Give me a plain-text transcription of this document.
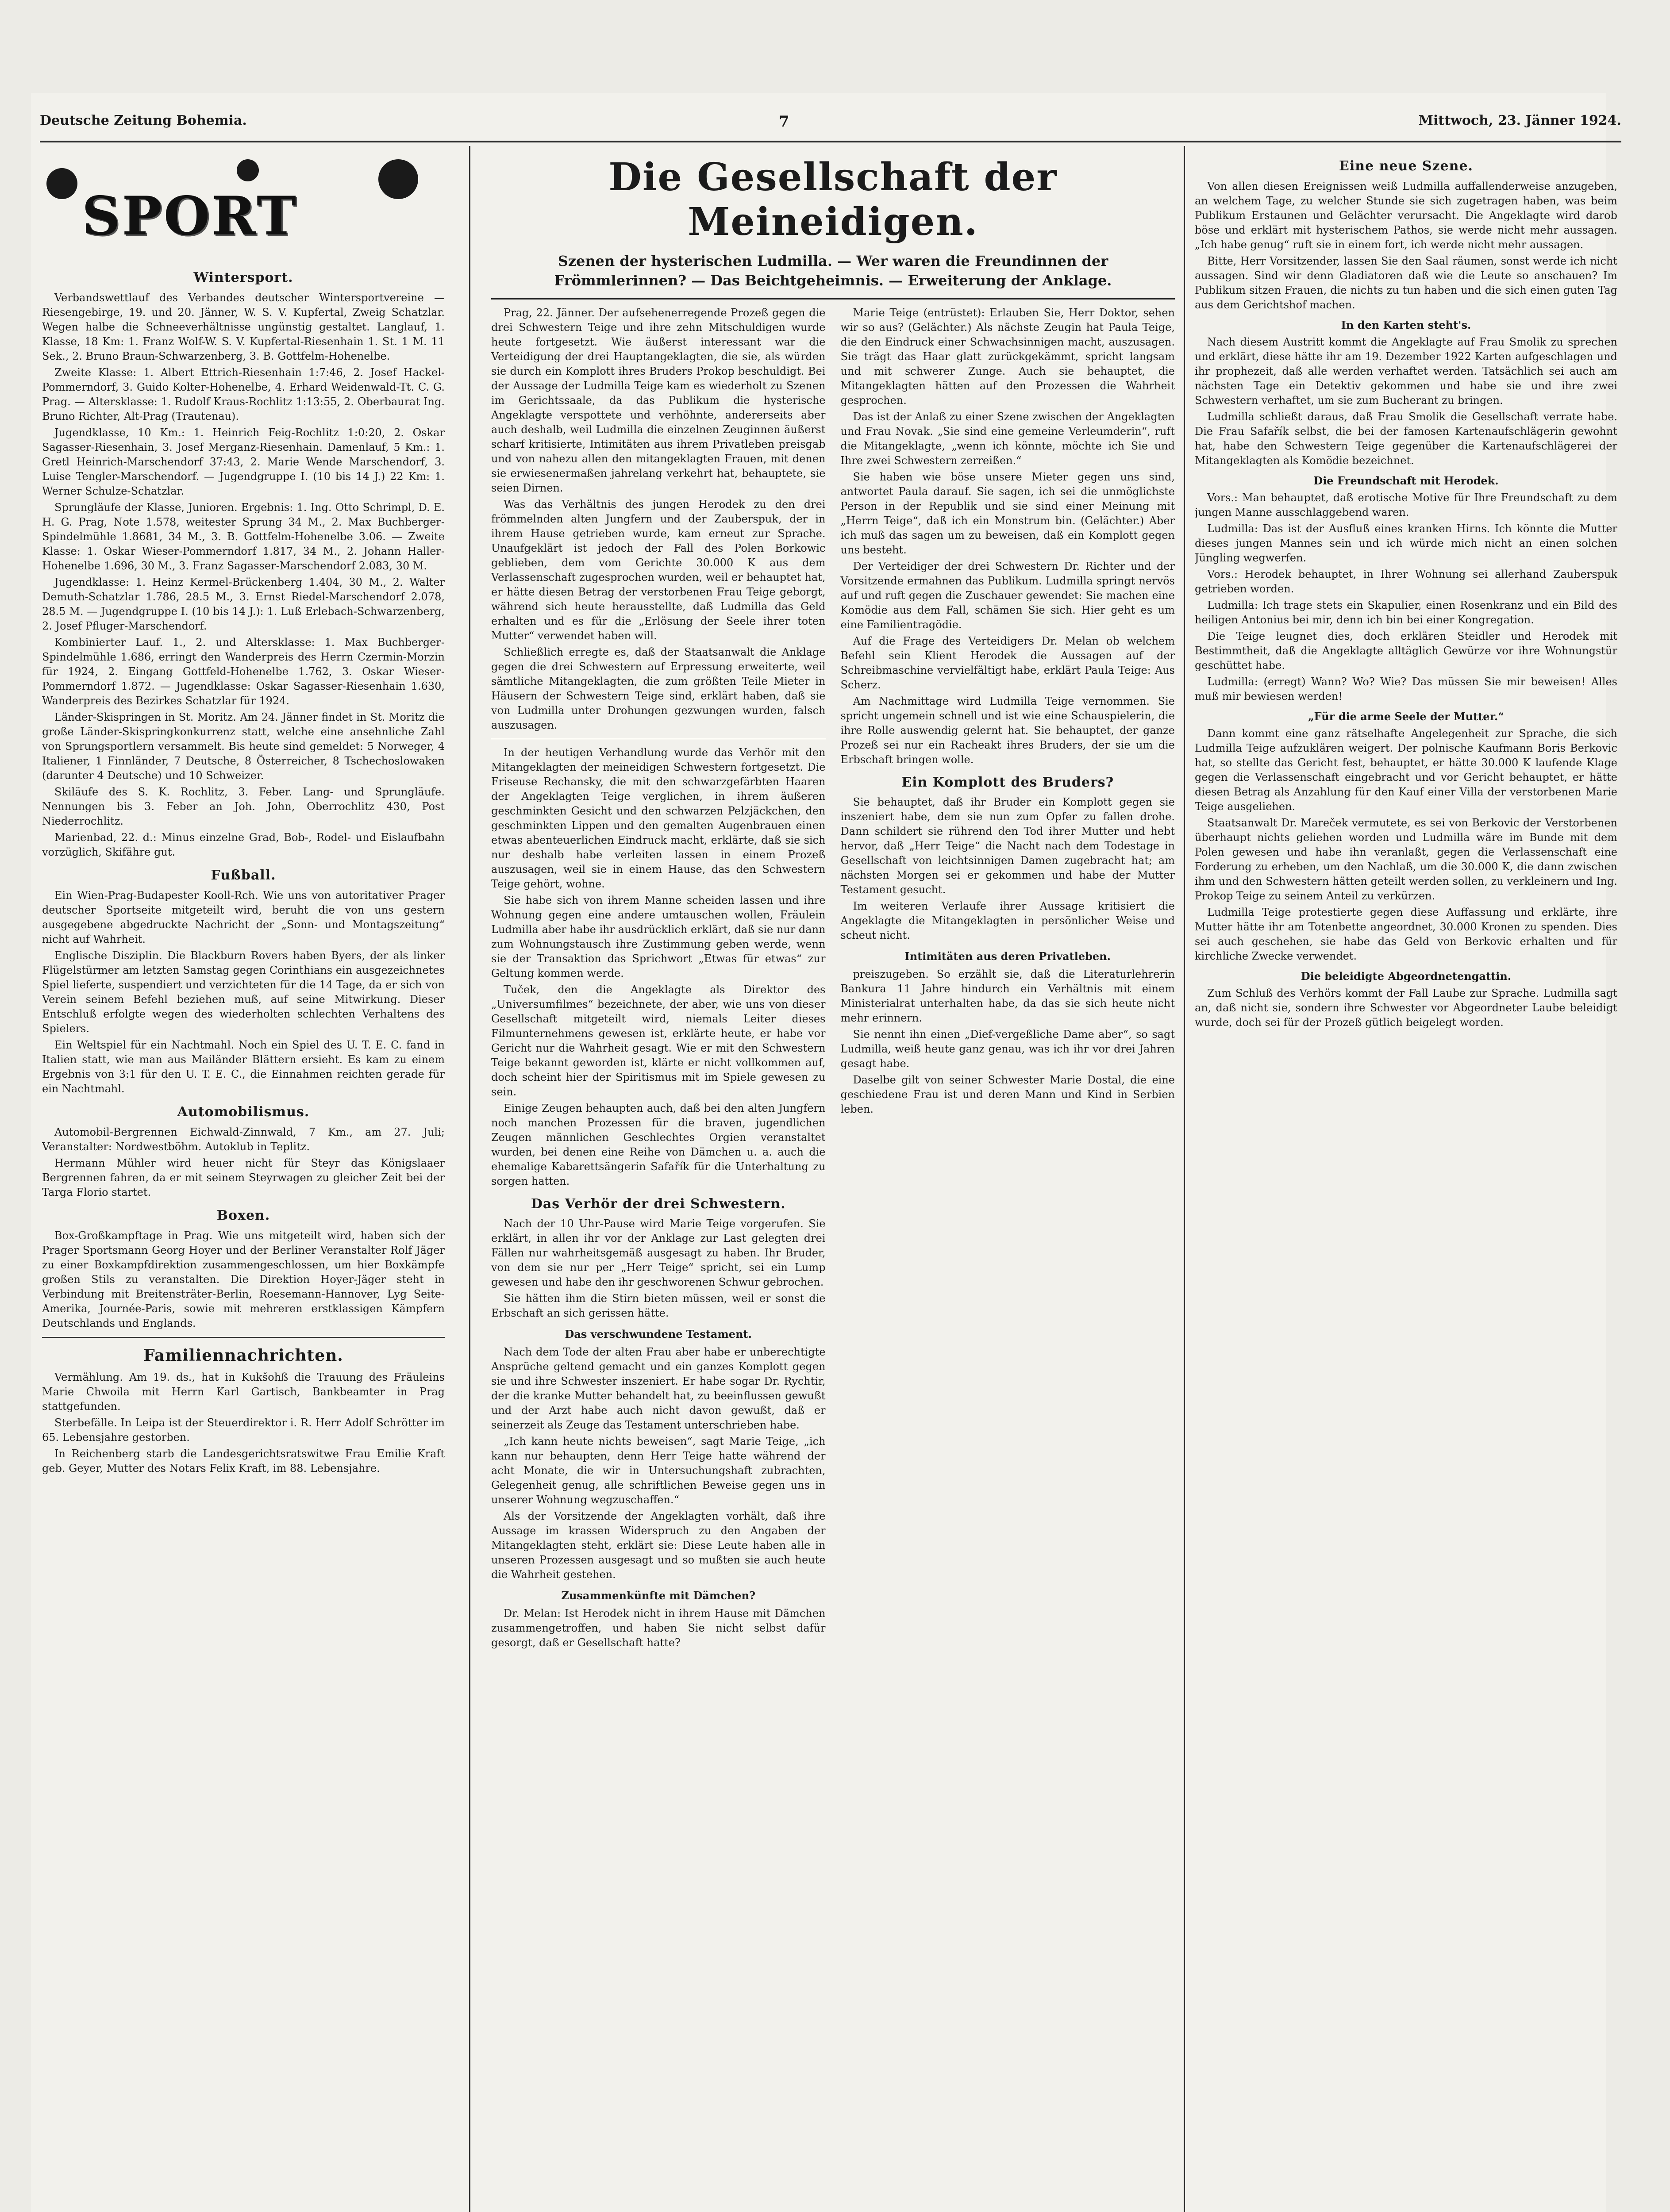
Deutsche Zeitung Bohemia.	7	Mittwoch, 23. Jänner 1924.
SPORT
Wintersport.

Verbandswettlauf des Verbandes deutscher Wintersportvereine — Riesengebirge, 19. und 20. Jänner, W. S. V. Kupfertal, Zweig Schatzlar. Wegen halbe die Schneeverhältnisse ungünstig gestaltet. Langlauf, 1. Klasse, 18 Km: 1. Franz Wolf-W. S. V. Kupfertal-Riesenhain 1. St. 1 M. 11 Sek., 2. Bruno Braun-Schwarzenberg, 3. B. Gottfelm-Hohenelbe.

Zweite Klasse: 1. Albert Ettrich-Riesenhain 1:7:46, 2. Josef Hackel-Pommerndorf, 3. Guido Kolter-Hohenelbe, 4. Erhard Weidenwald-Tt. C. G. Prag. — Altersklasse: 1. Rudolf Kraus-Rochlitz 1:13:55, 2. Oberbaurat Ing. Bruno Richter, Alt-Prag (Trautenau).

Jugendklasse, 10 Km.: 1. Heinrich Feig-Rochlitz 1:0:20, 2. Oskar Sagasser-Riesenhain, 3. Josef Merganz-Riesenhain. Damenlauf, 5 Km.: 1. Gretl Heinrich-Marschendorf 37:43, 2. Marie Wende Marschendorf, 3. Luise Tengler-Marschendorf. — Jugendgruppe I. (10 bis 14 J.) 22 Km: 1. Werner Schulze-Schatzlar.

Sprungläufe der Klasse, Junioren. Ergebnis: 1. Ing. Otto Schrimpl, D. E. H. G. Prag, Note 1.578, weitester Sprung 34 M., 2. Max Buchberger-Spindelmühle 1.8681, 34 M., 3. B. Gottfelm-Hohenelbe 3.06. — Zweite Klasse: 1. Oskar Wieser-Pommerndorf 1.817, 34 M., 2. Johann Haller-Hohenelbe 1.696, 30 M., 3. Franz Sagasser-Marschendorf 2.083, 30 M.

Jugendklasse: 1. Heinz Kermel-Brückenberg 1.404, 30 M., 2. Walter Demuth-Schatzlar 1.786, 28.5 M., 3. Ernst Riedel-Marschendorf 2.078, 28.5 M. — Jugendgruppe I. (10 bis 14 J.): 1. Luß Erlebach-Schwarzenberg, 2. Josef Pfluger-Marschendorf.

Kombinierter Lauf. 1., 2. und Altersklasse: 1. Max Buchberger-Spindelmühle 1.686, erringt den Wanderpreis des Herrn Czermin-Morzin für 1924, 2. Eingang Gottfeld-Hohenelbe 1.762, 3. Oskar Wieser-Pommerndorf 1.872. — Jugendklasse: Oskar Sagasser-Riesenhain 1.630, Wanderpreis des Bezirkes Schatzlar für 1924.

Länder-Skispringen in St. Moritz. Am 24. Jänner findet in St. Moritz die große Länder-Skispringkonkurrenz statt, welche eine ansehnliche Zahl von Sprungsportlern versammelt. Bis heute sind gemeldet: 5 Norweger, 4 Italiener, 1 Finnländer, 7 Deutsche, 8 Österreicher, 8 Tschechoslowaken (darunter 4 Deutsche) und 10 Schweizer.

Skiläufe des S. K. Rochlitz, 3. Feber. Lang- und Sprungläufe. Nennungen bis 3. Feber an Joh. John, Oberrochlitz 430, Post Niederrochlitz.

Marienbad, 22. d.: Minus einzelne Grad, Bob-, Rodel- und Eislaufbahn vorzüglich, Skifähre gut.

Fußball.

Ein Wien-Prag-Budapester Kooll-Rch. Wie uns von autoritativer Prager deutscher Sportseite mitgeteilt wird, beruht die von uns gestern ausgegebene abgedruckte Nachricht der „Sonn- und Montagszeitung“ nicht auf Wahrheit.

Englische Disziplin. Die Blackburn Rovers haben Byers, der als linker Flügelstürmer am letzten Samstag gegen Corinthians ein ausgezeichnetes Spiel lieferte, suspendiert und verzichteten für die 14 Tage, da er sich von Verein seinem Befehl beziehen muß, auf seine Mitwirkung. Dieser Entschluß erfolgte wegen des wiederholten schlechten Verhaltens des Spielers.

Ein Weltspiel für ein Nachtmahl. Noch ein Spiel des U. T. E. C. fand in Italien statt, wie man aus Mailänder Blättern ersieht. Es kam zu einem Ergebnis von 3:1 für den U. T. E. C., die Einnahmen reichten gerade für ein Nachtmahl.

Automobilismus.

Automobil-Bergrennen Eichwald-Zinnwald, 7 Km., am 27. Juli; Veranstalter: Nordwestböhm. Autoklub in Teplitz.

Hermann Mühler wird heuer nicht für Steyr das Königslaaer Bergrennen fahren, da er mit seinem Steyrwagen zu gleicher Zeit bei der Targa Florio startet.

Boxen.

Box-Großkampftage in Prag. Wie uns mitgeteilt wird, haben sich der Prager Sportsmann Georg Hoyer und der Berliner Veranstalter Rolf Jäger zu einer Boxkampfdirektion zusammengeschlossen, um hier Boxkämpfe großen Stils zu veranstalten. Die Direktion Hoyer-Jäger steht in Verbindung mit Breitensträter-Berlin, Roesemann-Hannover, Lyg Seite-Amerika, Journée-Paris, sowie mit mehreren erstklassigen Kämpfern Deutschlands und Englands.

Familiennachrichten.

Vermählung. Am 19. ds., hat in Kukšohß die Trauung des Fräuleins Marie Chwoila mit Herrn Karl Gartisch, Bankbeamter in Prag stattgefunden.

Sterbefälle. In Leipa ist der Steuerdirektor i. R. Herr Adolf Schrötter im 65. Lebensjahre gestorben.

In Reichenberg starb die Landesgerichtsratswitwe Frau Emilie Kraft geb. Geyer, Mutter des Notars Felix Kraft, im 88. Lebensjahre.

Die Gesellschaft der Meineidigen.
Szenen der hysterischen Ludmilla. — Wer waren die Freundinnen der Frömmlerinnen? — Das Beichtgeheimnis. — Erweiterung der Anklage.

Prag, 22. Jänner. Der aufsehenerregende Prozeß gegen die drei Schwestern Teige und ihre zehn Mitschuldigen wurde heute fortgesetzt. Wie äußerst interessant war die Verteidigung der drei Hauptangeklagten, die sie, als würden sie durch ein Komplott ihres Bruders Prokop beschuldigt. Bei der Aussage der Ludmilla Teige kam es wiederholt zu Szenen im Gerichtssaale, da das Publikum die hysterische Angeklagte verspottete und verhöhnte, andererseits aber auch deshalb, weil Ludmilla die einzelnen Zeuginnen äußerst scharf kritisierte, Intimitäten aus ihrem Privatleben preisgab und von nahezu allen den mitangeklagten Frauen, mit denen sie erwiesenermaßen jahrelang verkehrt hat, behauptete, sie seien Dirnen.

Was das Verhältnis des jungen Herodek zu den drei frömmelnden alten Jungfern und der Zauberspuk, der in ihrem Hause getrieben wurde, kam erneut zur Sprache. Unaufgeklärt ist jedoch der Fall des Polen Borkowic geblieben, dem vom Gerichte 30.000 K aus dem Verlassenschaft zugesprochen wurden, weil er behauptet hat, er hätte diesen Betrag der verstorbenen Frau Teige geborgt, während sich heute herausstellte, daß Ludmilla das Geld erhalten und es für die „Erlösung der Seele ihrer toten Mutter“ verwendet haben will.

Schließlich erregte es, daß der Staatsanwalt die Anklage gegen die drei Schwestern auf Erpressung erweiterte, weil sämtliche Mitangeklagten, die zum größten Teile Mieter in Häusern der Schwestern Teige sind, erklärt haben, daß sie von Ludmilla unter Drohungen gezwungen wurden, falsch auszusagen.

In der heutigen Verhandlung wurde das Verhör mit den Mitangeklagten der meineidigen Schwestern fortgesetzt. Die Friseuse Rechansky, die mit den schwarzgefärbten Haaren der Angeklagten Teige verglichen, in ihrem äußeren geschminkten Gesicht und den schwarzen Pelzjäckchen, den geschminkten Lippen und den gemalten Augenbrauen einen etwas abenteuerlichen Eindruck macht, erklärte, daß sie sich nur deshalb habe verleiten lassen in einem Prozeß auszusagen, weil sie in einem Hause, das den Schwestern Teige gehört, wohne.

Sie habe sich von ihrem Manne scheiden lassen und ihre Wohnung gegen eine andere umtauschen wollen, Fräulein Ludmilla aber habe ihr ausdrücklich erklärt, daß sie nur dann zum Wohnungstausch ihre Zustimmung geben werde, wenn sie der Transaktion das Sprichwort „Etwas für etwas“ zur Geltung kommen werde.

Tuček, den die Angeklagte als Direktor des „Universumfilmes“ bezeichnete, der aber, wie uns von dieser Gesellschaft mitgeteilt wird, niemals Leiter dieses Filmunternehmens gewesen ist, erklärte heute, er habe vor Gericht nur die Wahrheit gesagt. Wie er mit den Schwestern Teige bekannt geworden ist, klärte er nicht vollkommen auf, doch scheint hier der Spiritismus mit im Spiele gewesen zu sein.

Einige Zeugen behaupten auch, daß bei den alten Jungfern noch manchen Prozessen für die braven, jugendlichen Zeugen männlichen Geschlechtes Orgien veranstaltet wurden, bei denen eine Reihe von Dämchen u. a. auch die ehemalige Kabarettsängerin Safařík für die Unterhaltung zu sorgen hatten.

Das Verhör der drei Schwestern.

Nach der 10 Uhr-Pause wird Marie Teige vorgerufen. Sie erklärt, in allen ihr vor der Anklage zur Last gelegten drei Fällen nur wahrheitsgemäß ausgesagt zu haben. Ihr Bruder, von dem sie nur per „Herr Teige“ spricht, sei ein Lump gewesen und habe den ihr geschworenen Schwur gebrochen.

Sie hätten ihm die Stirn bieten müssen, weil er sonst die Erbschaft an sich gerissen hätte.

Das verschwundene Testament.

Nach dem Tode der alten Frau aber habe er unberechtigte Ansprüche geltend gemacht und ein ganzes Komplott gegen sie und ihre Schwester inszeniert. Er habe sogar Dr. Rychtir, der die kranke Mutter behandelt hat, zu beeinflussen gewußt und der Arzt habe auch nicht davon gewußt, daß er seinerzeit als Zeuge das Testament unterschrieben habe.

„Ich kann heute nichts beweisen“, sagt Marie Teige, „ich kann nur behaupten, denn Herr Teige hatte während der acht Monate, die wir in Untersuchungshaft zubrachten, Gelegenheit genug, alle schriftlichen Beweise gegen uns in unserer Wohnung wegzuschaffen.“

Als der Vorsitzende der Angeklagten vorhält, daß ihre Aussage im krassen Widerspruch zu den Angaben der Mitangeklagten steht, erklärt sie: Diese Leute haben alle in unseren Prozessen ausgesagt und so mußten sie auch heute die Wahrheit gestehen.

Zusammenkünfte mit Dämchen?

Dr. Melan: Ist Herodek nicht in ihrem Hause mit Dämchen zusammengetroffen, und haben Sie nicht selbst dafür gesorgt, daß er Gesellschaft hatte?

Marie Teige (entrüstet): Erlauben Sie, Herr Doktor, sehen wir so aus? (Gelächter.) Als nächste Zeugin hat Paula Teige, die den Eindruck einer Schwachsinnigen macht, auszusagen. Sie trägt das Haar glatt zurückgekämmt, spricht langsam und mit schwerer Zunge. Auch sie behauptet, die Mitangeklagten hätten auf den Prozessen die Wahrheit gesprochen.

Das ist der Anlaß zu einer Szene zwischen der Angeklagten und Frau Novak. „Sie sind eine gemeine Verleumderin“, ruft die Mitangeklagte, „wenn ich könnte, möchte ich Sie und Ihre zwei Schwestern zerreißen.“

Sie haben wie böse unsere Mieter gegen uns sind, antwortet Paula darauf. Sie sagen, ich sei die unmöglichste Person in der Republik und sie sind einer Meinung mit „Herrn Teige“, daß ich ein Monstrum bin. (Gelächter.) Aber ich muß das sagen um zu beweisen, daß ein Komplott gegen uns besteht.

Der Verteidiger der drei Schwestern Dr. Richter und der Vorsitzende ermahnen das Publikum. Ludmilla springt nervös auf und ruft gegen die Zuschauer gewendet: Sie machen eine Komödie aus dem Fall, schämen Sie sich. Hier geht es um eine Familientragödie.

Auf die Frage des Verteidigers Dr. Melan ob welchem Befehl sein Klient Herodek die Aussagen auf der Schreibmaschine vervielfältigt habe, erklärt Paula Teige: Aus Scherz.

Am Nachmittage wird Ludmilla Teige vernommen. Sie spricht ungemein schnell und ist wie eine Schauspielerin, die ihre Rolle auswendig gelernt hat. Sie behauptet, der ganze Prozeß sei nur ein Racheakt ihres Bruders, der sie um die Erbschaft bringen wolle.

Ein Komplott des Bruders?

Sie behauptet, daß ihr Bruder ein Komplott gegen sie inszeniert habe, dem sie nun zum Opfer zu fallen drohe. Dann schildert sie rührend den Tod ihrer Mutter und hebt hervor, daß „Herr Teige“ die Nacht nach dem Todestage in Gesellschaft von leichtsinnigen Damen zugebracht hat; am nächsten Morgen sei er gekommen und habe der Mutter Testament gesucht.

Im weiteren Verlaufe ihrer Aussage kritisiert die Angeklagte die Mitangeklagten in persönlicher Weise und scheut nicht.

Intimitäten aus deren Privatleben.

preiszugeben. So erzählt sie, daß die Literaturlehrerin Bankura 11 Jahre hindurch ein Verhältnis mit einem Ministerialrat unterhalten habe, da das sie sich heute nicht mehr erinnern.

Sie nennt ihn einen „Dief-vergeßliche Dame aber“, so sagt Ludmilla, weiß heute ganz genau, was ich ihr vor drei Jahren gesagt habe.

Daselbe gilt von seiner Schwester Marie Dostal, die eine geschiedene Frau ist und deren Mann und Kind in Serbien leben.

Eine neue Szene.

Von allen diesen Ereignissen weiß Ludmilla auffallenderweise anzugeben, an welchem Tage, zu welcher Stunde sie sich zugetragen haben, was beim Publikum Erstaunen und Gelächter verursacht. Die Angeklagte wird darob böse und erklärt mit hysterischem Pathos, sie werde nicht mehr aussagen. „Ich habe genug“ ruft sie in einem fort, ich werde nicht mehr aussagen.

Bitte, Herr Vorsitzender, lassen Sie den Saal räumen, sonst werde ich nicht aussagen. Sind wir denn Gladiatoren daß wie die Leute so anschauen? Im Publikum sitzen Frauen, die nichts zu tun haben und die sich einen guten Tag aus dem Gerichtshof machen.

In den Karten steht's.

Nach diesem Austritt kommt die Angeklagte auf Frau Smolik zu sprechen und erklärt, diese hätte ihr am 19. Dezember 1922 Karten aufgeschlagen und ihr prophezeit, daß alle werden verhaftet werden. Tatsächlich sei auch am nächsten Tage ein Detektiv gekommen und habe sie und ihre zwei Schwestern verhaftet, um sie zum Bucherant zu bringen.

Ludmilla schließt daraus, daß Frau Smolik die Gesellschaft verrate habe. Die Frau Safařík selbst, die bei der famosen Kartenaufschlägerin gewohnt hat, habe den Schwestern Teige gegenüber die Kartenaufschlägerei der Mitangeklagten als Komödie bezeichnet.

Die Freundschaft mit Herodek.

Vors.: Man behauptet, daß erotische Motive für Ihre Freundschaft zu dem jungen Manne ausschlaggebend waren.

Ludmilla: Das ist der Ausfluß eines kranken Hirns. Ich könnte die Mutter dieses jungen Mannes sein und ich würde mich nicht an einen solchen Jüngling wegwerfen.

Vors.: Herodek behauptet, in Ihrer Wohnung sei allerhand Zauberspuk getrieben worden.

Ludmilla: Ich trage stets ein Skapulier, einen Rosenkranz und ein Bild des heiligen Antonius bei mir, denn ich bin bei einer Kongregation.

Die Teige leugnet dies, doch erklären Steidler und Herodek mit Bestimmtheit, daß die Angeklagte alltäglich Gewürze vor ihre Wohnungstür geschüttet habe.

Ludmilla: (erregt) Wann? Wo? Wie? Das müssen Sie mir beweisen! Alles muß mir bewiesen werden!

„Für die arme Seele der Mutter.“

Dann kommt eine ganz rätselhafte Angelegenheit zur Sprache, die sich Ludmilla Teige aufzuklären weigert. Der polnische Kaufmann Boris Berkovic hat, so stellte das Gericht fest, behauptet, er hätte 30.000 K laufende Klage gegen die Verlassenschaft eingebracht und vor Gericht behauptet, er hätte diesen Betrag als Anzahlung für den Kauf einer Villa der verstorbenen Marie Teige ausgeliehen.

Staatsanwalt Dr. Mareček vermutete, es sei von Berkovic der Verstorbenen überhaupt nichts geliehen worden und Ludmilla wäre im Bunde mit dem Polen gewesen und habe ihn veranlaßt, gegen die Verlassenschaft eine Forderung zu erheben, um den Nachlaß, um die 30.000 K, die dann zwischen ihm und den Schwestern hätten geteilt werden sollen, zu verkleinern und Ing. Prokop Teige zu seinem Anteil zu verkürzen.

Ludmilla Teige protestierte gegen diese Auffassung und erklärte, ihre Mutter hätte ihr am Totenbette angeordnet, 30.000 Kronen zu spenden. Dies sei auch geschehen, sie habe das Geld von Berkovic erhalten und für kirchliche Zwecke verwendet.

Die beleidigte Abgeordnetengattin.

Zum Schluß des Verhörs kommt der Fall Laube zur Sprache. Ludmilla sagt an, daß nicht sie, sondern ihre Schwester vor Abgeordneter Laube beleidigt wurde, doch sei für der Prozeß gütlich beigelegt worden.
